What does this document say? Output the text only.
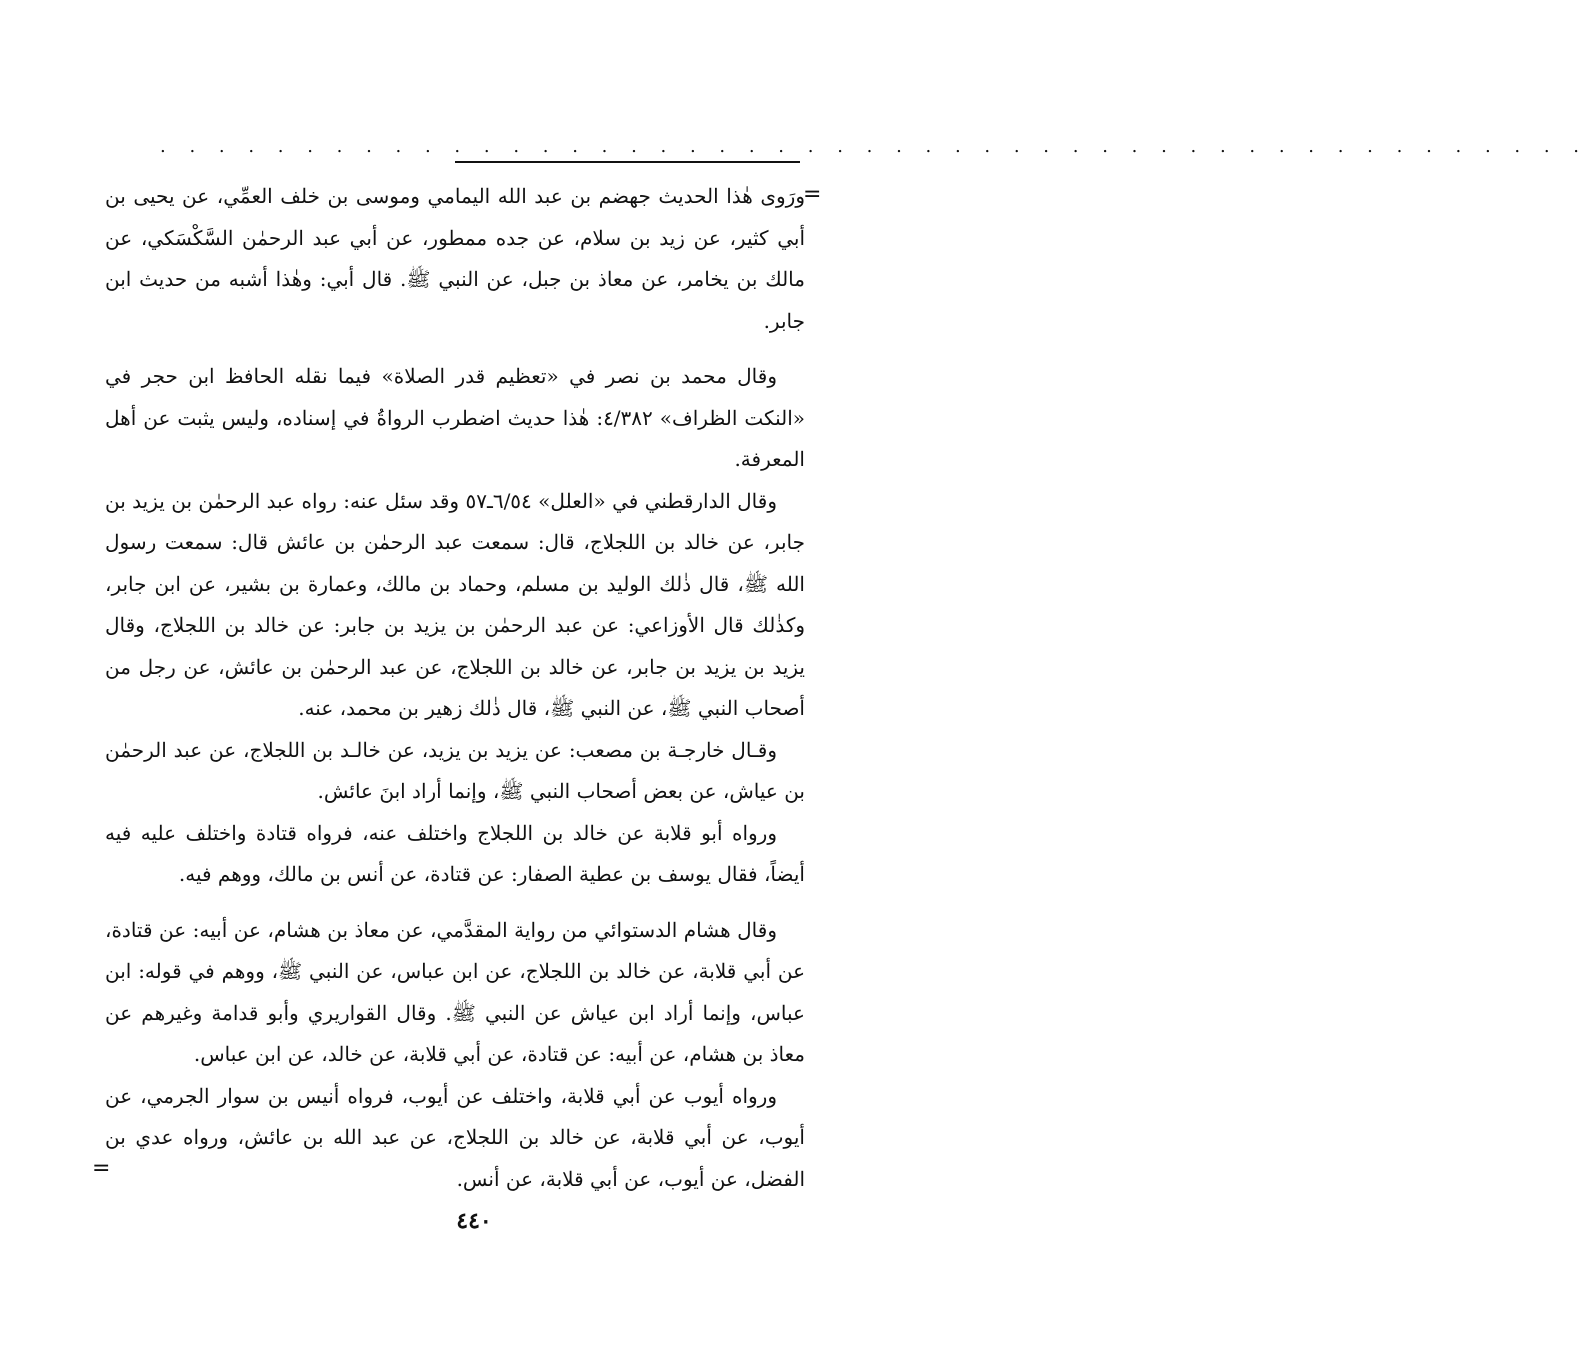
. . . . . . . . . . . . . . . . . . . . . . . . . . . . . . . . . . . . . . . . . . . . . . . . .
=

ورَوى هٰذا الحديث جهضم بن عبد الله اليمامي وموسى بن خلف العمِّي، عن يحيى بن أبي كثير، عن زيد بن سلام، عن جده ممطور، عن أبي عبد الرحمٰن السَّكْسَكي، عن مالك بن يخامر، عن معاذ بن جبل، عن النبي ﷺ. قال أبي: وهٰذا أشبه من حديث ابن جابر.

وقال محمد بن نصر في «تعظيم قدر الصلاة» فيما نقله الحافظ ابن حجر في «النكت الظراف» ٤/٣٨٢: هٰذا حديث اضطرب الرواةُ في إسناده، وليس يثبت عن أهل المعرفة.

وقال الدارقطني في «العلل» ٦/٥٤ـ٥٧ وقد سئل عنه: رواه عبد الرحمٰن بن يزيد بن جابر، عن خالد بن اللجلاج، قال: سمعت عبد الرحمٰن بن عائش قال: سمعت رسول الله ﷺ، قال ذٰلك الوليد بن مسلم، وحماد بن مالك، وعمارة بن بشير، عن ابن جابر، وكذٰلك قال الأوزاعي: عن عبد الرحمٰن بن يزيد بن جابر: عن خالد بن اللجلاج، وقال يزيد بن يزيد بن جابر، عن خالد بن اللجلاج، عن عبد الرحمٰن بن عائش، عن رجل من أصحاب النبي ﷺ، عن النبي ﷺ، قال ذٰلك زهير بن محمد، عنه.

وقـال خارجـة بن مصعب: عن يزيد بن يزيد، عن خالـد بن اللجلاج، عن عبد الرحمٰن بن عياش، عن بعض أصحاب النبي ﷺ، وإنما أراد ابنَ عائش.

ورواه أبو قلابة عن خالد بن اللجلاج واختلف عنه، فرواه قتادة واختلف عليه فيه أيضاً، فقال يوسف بن عطية الصفار: عن قتادة، عن أنس بن مالك، ووهم فيه.

وقال هشام الدستوائي من رواية المقدَّمي، عن معاذ بن هشام، عن أبيه: عن قتادة، عن أبي قلابة، عن خالد بن اللجلاج، عن ابن عباس، عن النبي ﷺ، ووهم في قوله: ابن عباس، وإنما أراد ابن عياش عن النبي ﷺ. وقال القواريري وأبو قدامة وغيرهم عن معاذ بن هشام، عن أبيه: عن قتادة، عن أبي قلابة، عن خالد، عن ابن عباس.

ورواه أيوب عن أبي قلابة، واختلف عن أيوب، فرواه أنيس بن سوار الجرمي، عن أيوب، عن أبي قلابة، عن خالد بن اللجلاج، عن عبد الله بن عائش، ورواه عدي بن الفضل، عن أيوب، عن أبي قلابة، عن أنس.

=
٤٤٠
